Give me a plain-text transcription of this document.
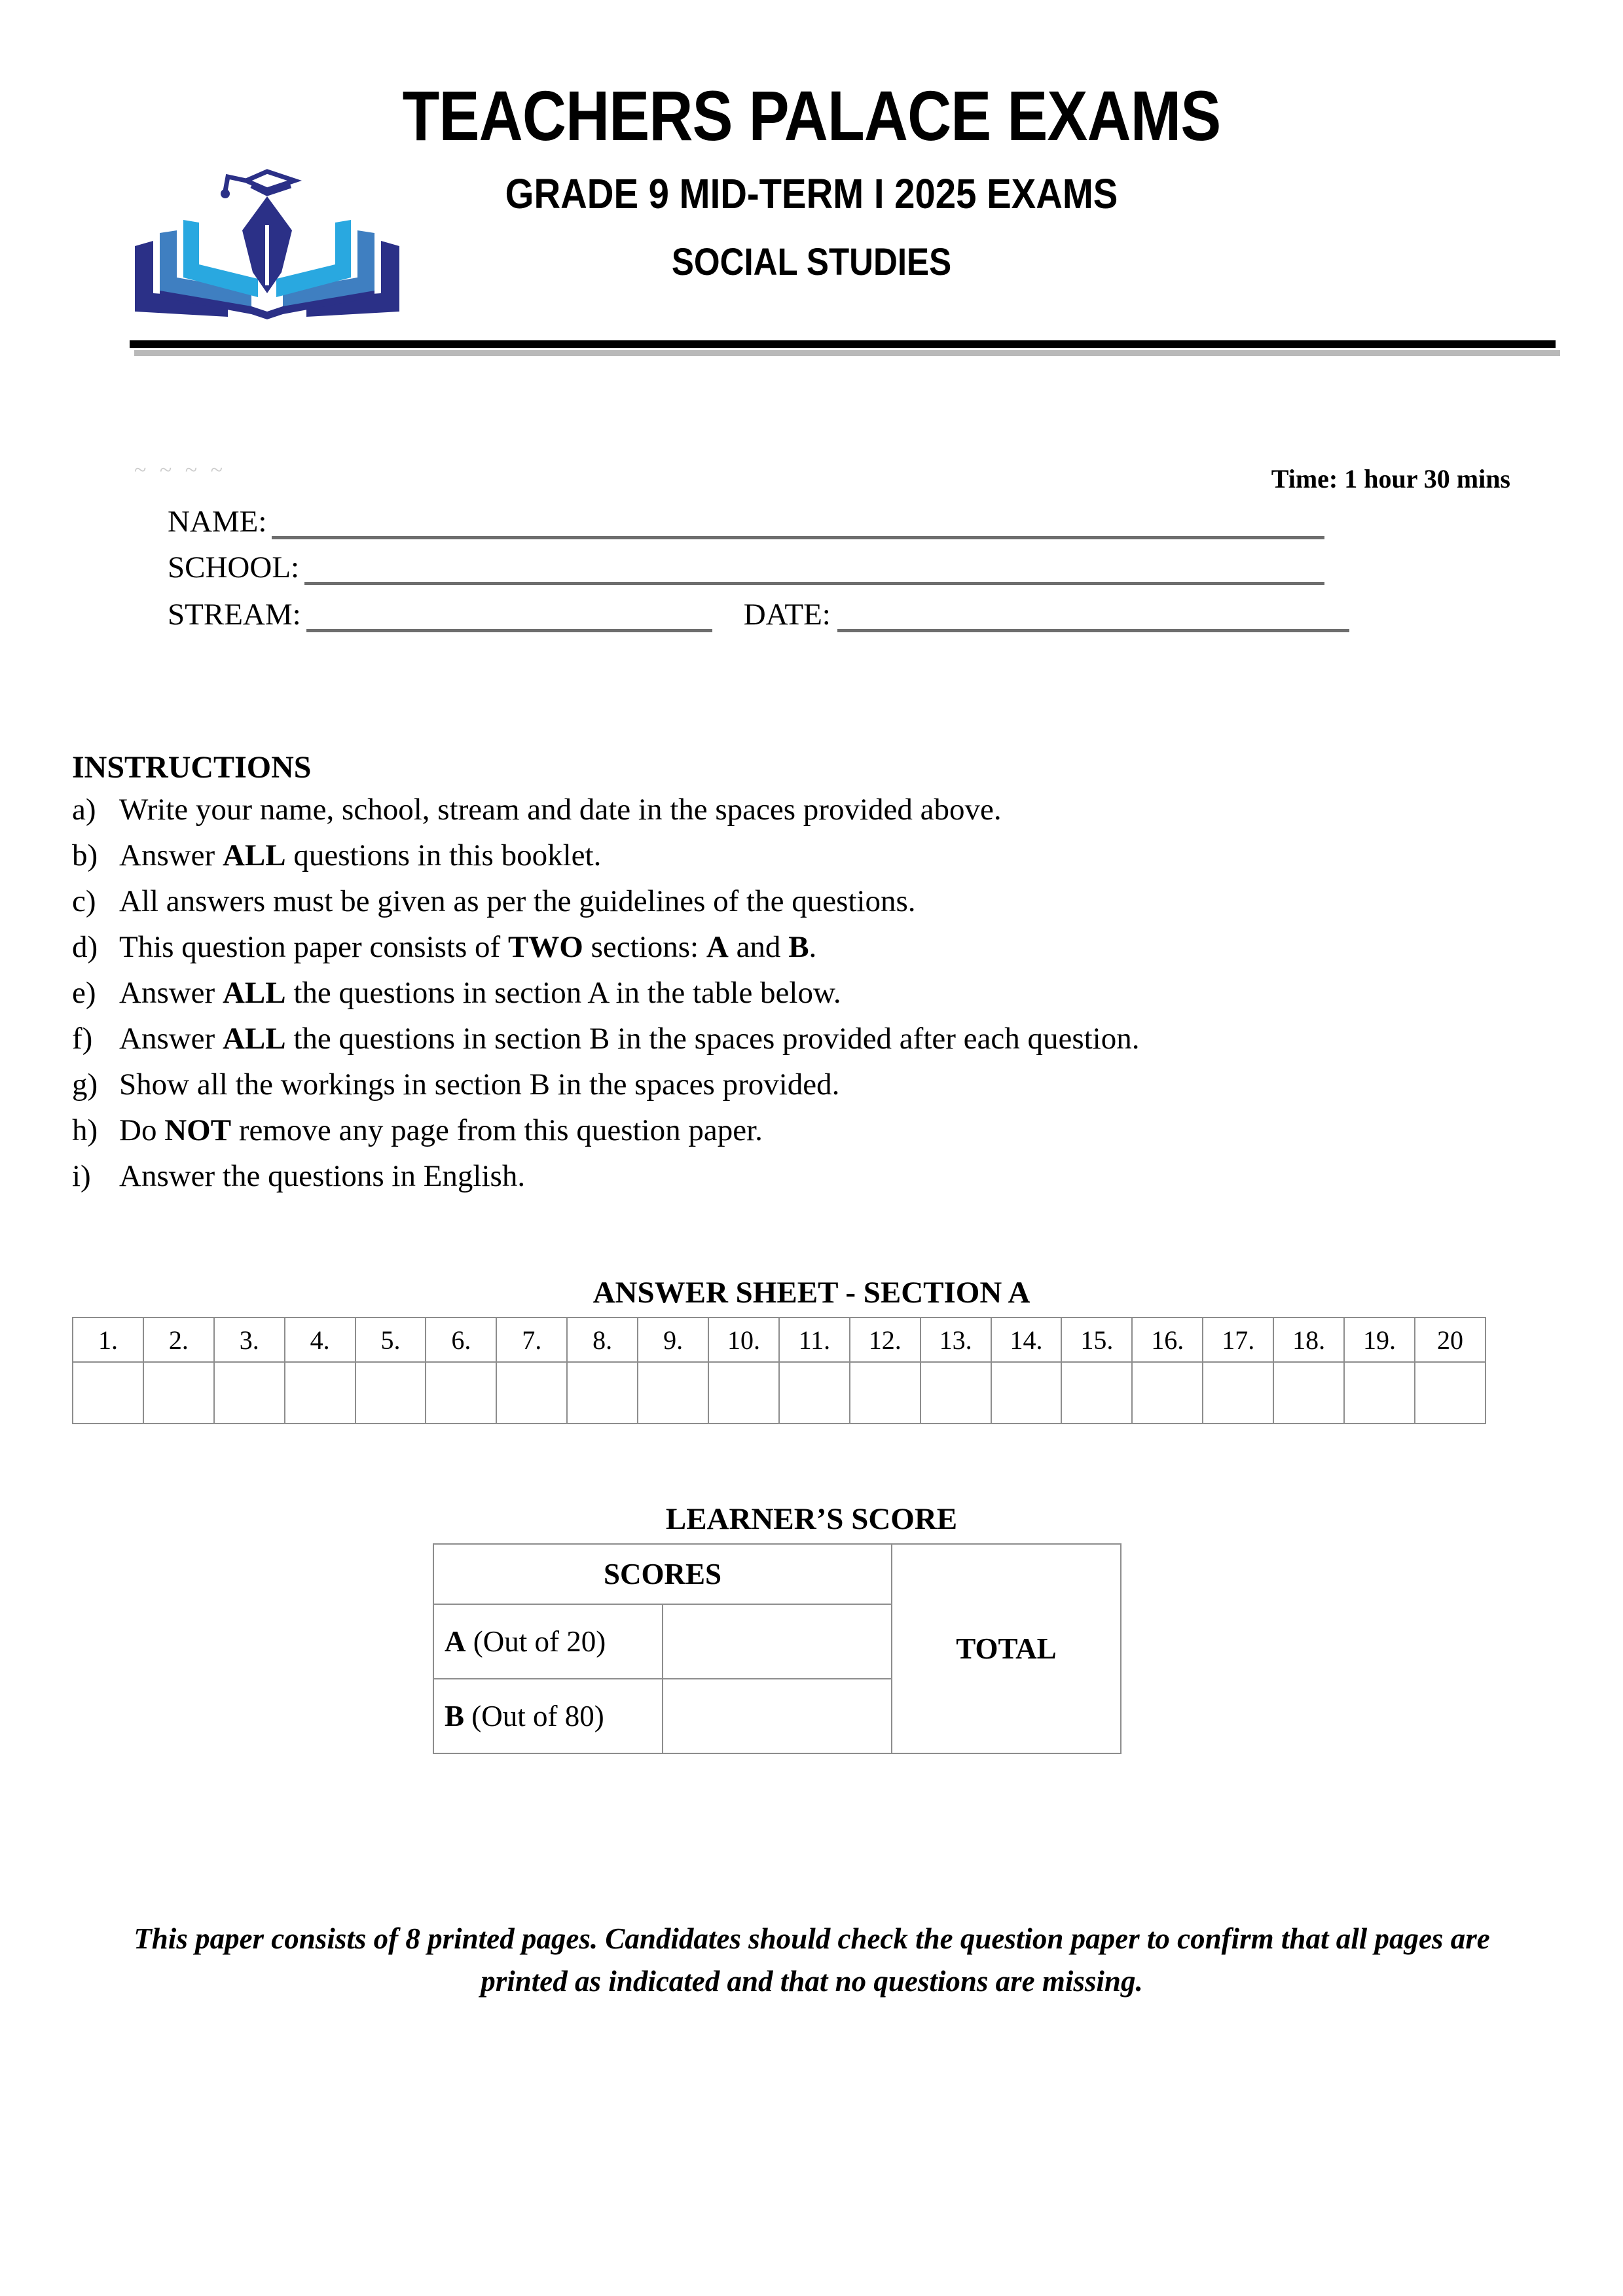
TEACHERS PALACE EXAMS
GRADE 9 MID-TERM I 2025 EXAMS
SOCIAL STUDIES
~ ~ ~ ~	Time: 1 hour 30 mins
NAME:
SCHOOL:
STREAM:	DATE:
INSTRUCTIONS
a) Write your name, school, stream and date in the spaces provided above.
b) Answer ALL questions in this booklet.
c) All answers must be given as per the guidelines of the questions.
d) This question paper consists of TWO sections: A and B.
e) Answer ALL the questions in section A in the table below.
f) Answer ALL the questions in section B in the spaces provided after each question.
g) Show all the workings in section B in the spaces provided.
h) Do NOT remove any page from this question paper.
i) Answer the questions in English.
ANSWER SHEET - SECTION A
1.	2.	3.	4.	5.	6.	7.	8.	9.	10.	11.	12.	13.	14.	15.	16.	17.	18.	19.	20

LEARNER’S SCORE
SCORES		TOTAL
A (Out of 20)		
B (Out of 80)		
This paper consists of 8 printed pages. Candidates should check the question paper to confirm that all pages are printed as indicated and that no questions are missing.
